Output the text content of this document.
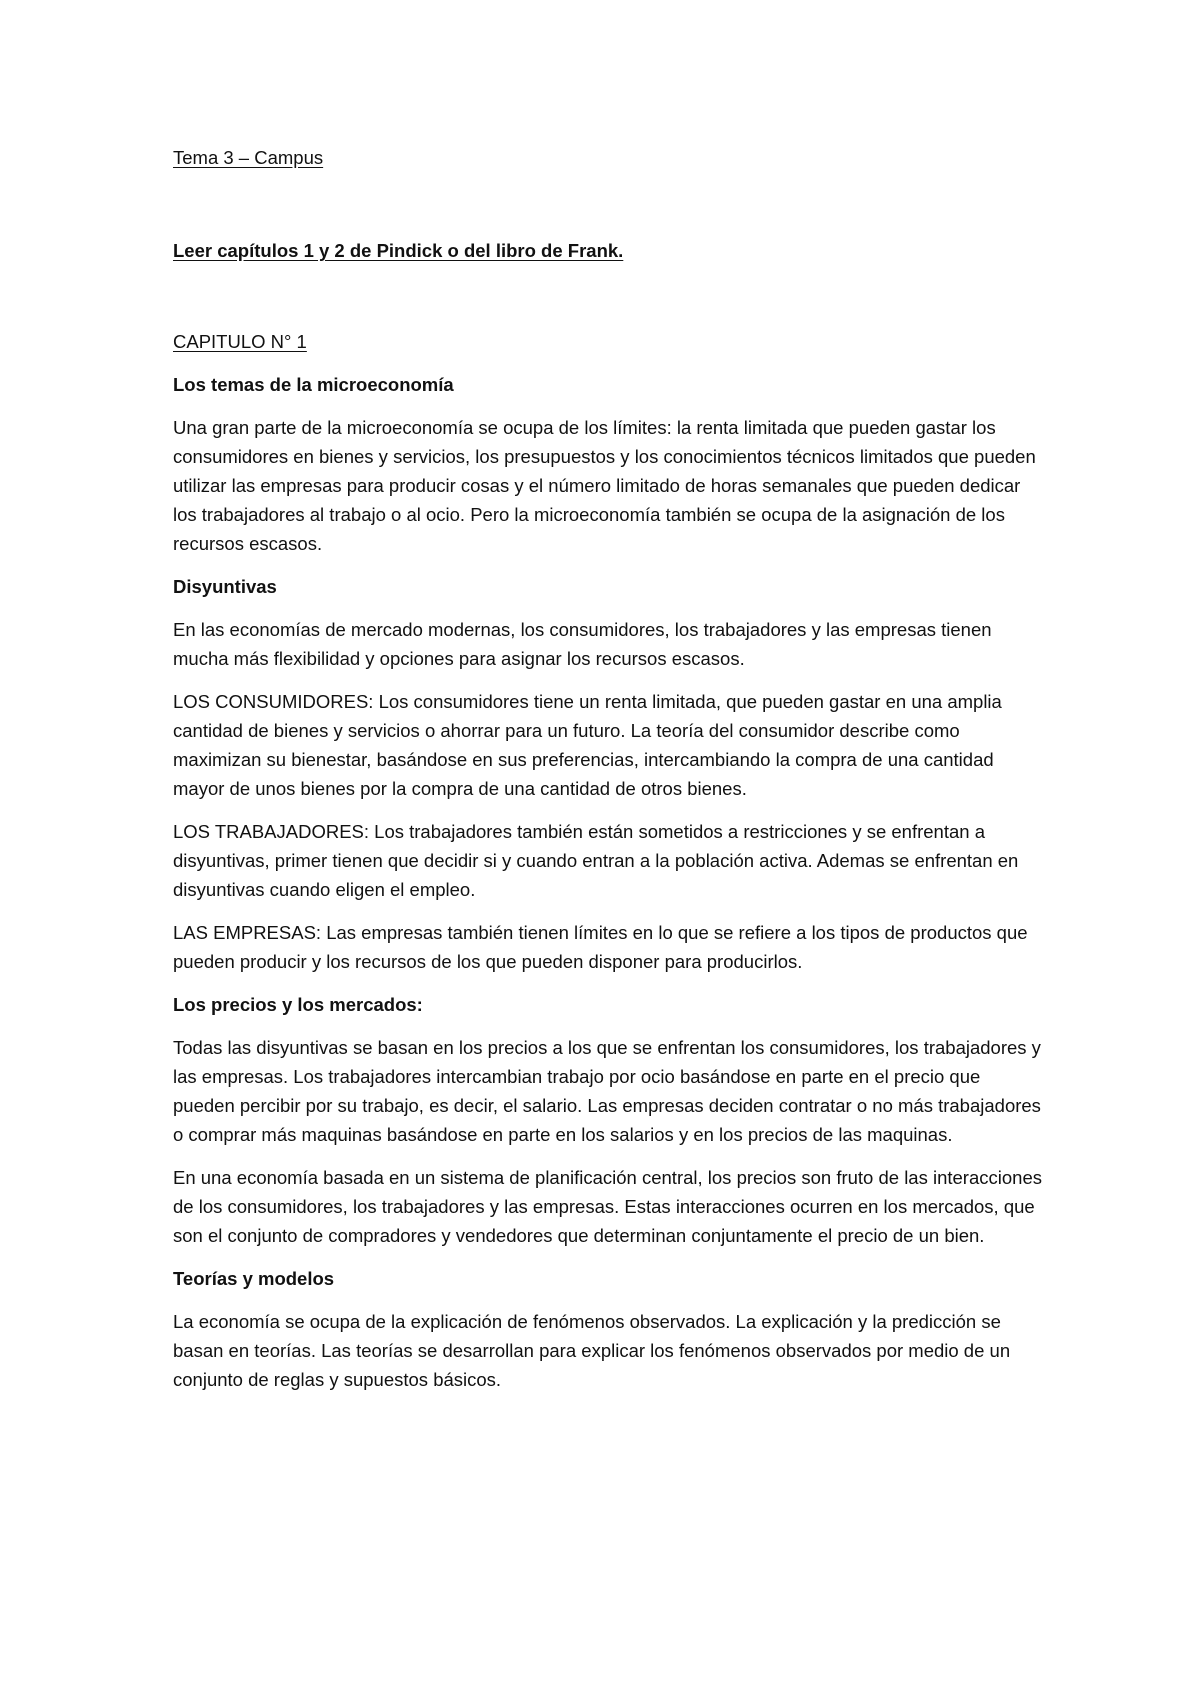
Tema 3 – Campus

Leer capítulos 1 y 2 de Pindick o del libro de Frank.

CAPITULO N° 1

Los temas de la microeconomía

Una gran parte de la microeconomía se ocupa de los límites: la renta limitada que pueden gastar los consumidores en bienes y servicios, los presupuestos y los conocimientos técnicos limitados que pueden utilizar las empresas para producir cosas y el número limitado de horas semanales que pueden dedicar los trabajadores al trabajo o al ocio. Pero la microeconomía también se ocupa de la asignación de los recursos escasos.

Disyuntivas

En las economías de mercado modernas, los consumidores, los trabajadores y las empresas tienen mucha más flexibilidad y opciones para asignar los recursos escasos.

LOS CONSUMIDORES: Los consumidores tiene un renta limitada, que pueden gastar en una amplia cantidad de bienes y servicios o ahorrar para un futuro. La teoría del consumidor describe como maximizan su bienestar, basándose en sus preferencias, intercambiando la compra de una cantidad mayor de unos bienes por la compra de una cantidad de otros bienes.

LOS TRABAJADORES: Los trabajadores también están sometidos a restricciones y se enfrentan a disyuntivas, primer tienen que decidir si y cuando entran a la población activa. Ademas se enfrentan en disyuntivas cuando eligen el empleo.

LAS EMPRESAS: Las empresas también tienen límites en lo que se refiere a los tipos de productos que pueden producir y los recursos de los que pueden disponer para producirlos.

Los precios y los mercados:

Todas las disyuntivas se basan en los precios a los que se enfrentan los consumidores, los trabajadores y las empresas. Los trabajadores intercambian trabajo por ocio basándose en parte en el precio que pueden percibir por su trabajo, es decir, el salario. Las empresas deciden contratar o no más trabajadores o comprar más maquinas basándose en parte en los salarios y en los precios de las maquinas.

En una economía basada en un sistema de planificación central, los precios son fruto de las interacciones de los consumidores, los trabajadores y las empresas. Estas interacciones ocurren en los mercados, que son el conjunto de compradores y vendedores que determinan conjuntamente el precio de un bien.

Teorías y modelos

La economía se ocupa de la explicación de fenómenos observados. La explicación y la predicción se basan en teorías. Las teorías se desarrollan para explicar los fenómenos observados por medio de un conjunto de reglas y supuestos básicos.
